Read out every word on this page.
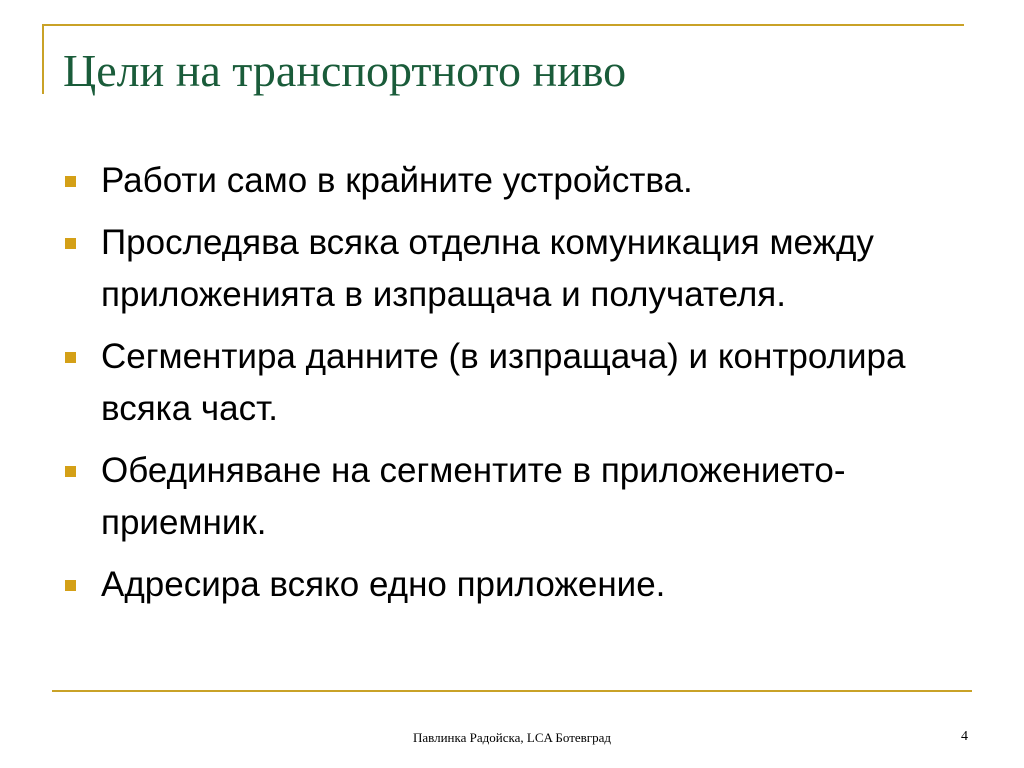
Цели на транспортното ниво
Работи само в крайните устройства.
Проследява всяка отделна комуникация между приложенията в изпращача и получателя.
Сегментира данните (в изпращача) и контролира всяка част.
Обединяване на сегментите в приложението-приемник.
Адресира всяко едно приложение.
Павлинка Радойска, LCA Ботевград	4
